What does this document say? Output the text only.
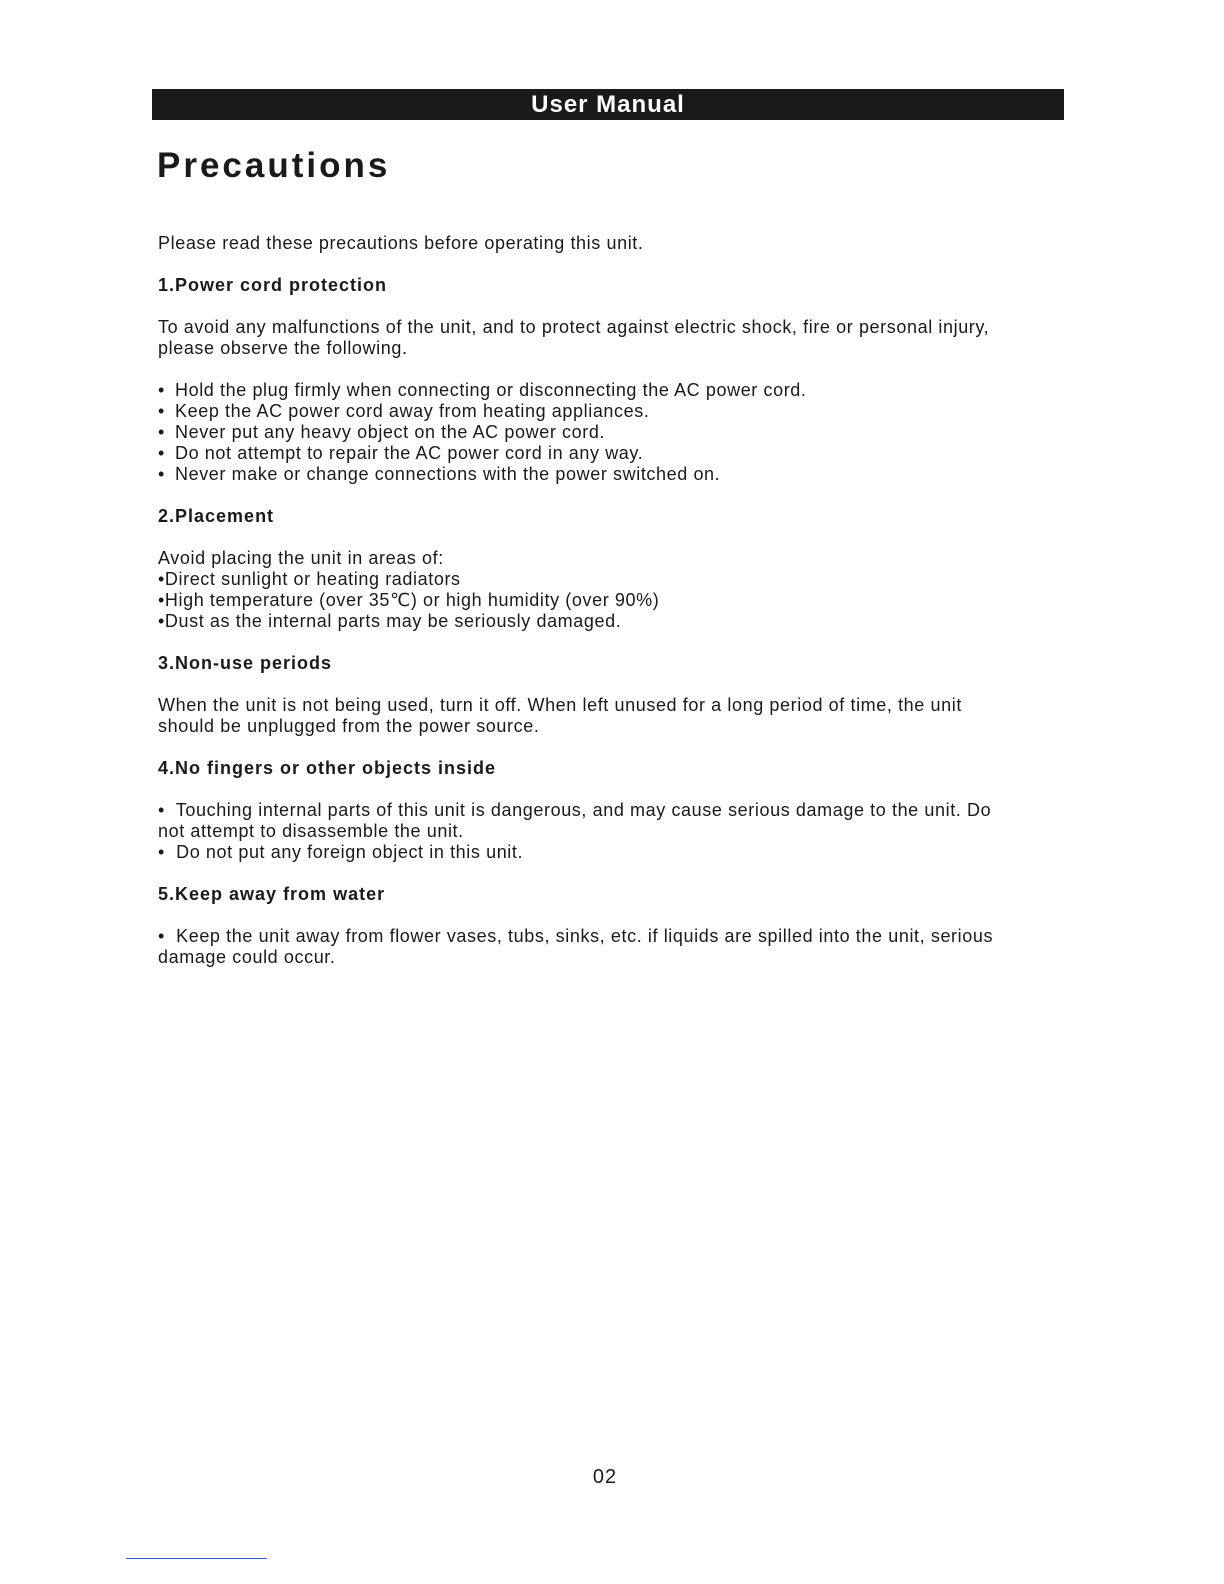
User Manual
Precautions

Please read these precautions before operating this unit.

1.Power cord protection

To avoid any malfunctions of the unit, and to protect against electric shock, fire or personal injury,
please observe the following.

• Hold the plug firmly when connecting or disconnecting the AC power cord.
• Keep the AC power cord away from heating appliances.
• Never put any heavy object on the AC power cord.
• Do not attempt to repair the AC power cord in any way.
• Never make or change connections with the power switched on.

2.Placement

Avoid placing the unit in areas of:

•Direct sunlight or heating radiators

•High temperature (over 35℃) or high humidity (over 90%)

•Dust as the internal parts may be seriously damaged.

3.Non-use periods

When the unit is not being used, turn it off. When left unused for a long period of time, the unit
should be unplugged from the power source.

4.No fingers or other objects inside

•  Touching internal parts of this unit is dangerous, and may cause serious damage to the unit. Do

not attempt to disassemble the unit.

•  Do not put any foreign object in this unit.

5.Keep away from water

•  Keep the unit away from flower vases, tubs, sinks, etc. if liquids are spilled into the unit, serious

damage could occur.

02
